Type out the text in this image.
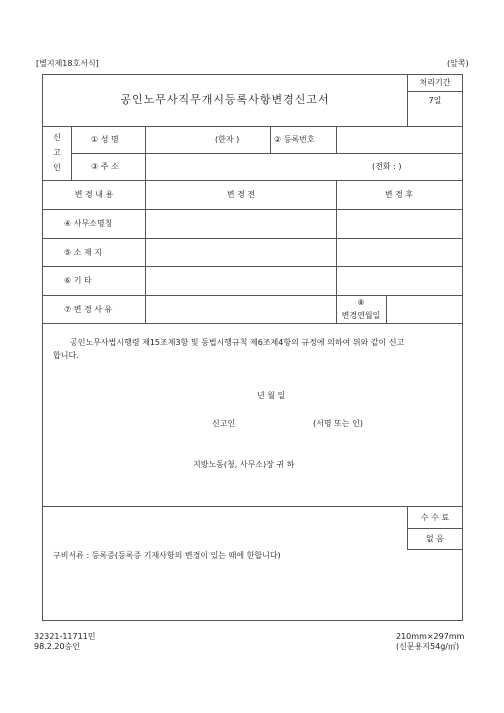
[별지제18호서식]	(앞쪽)
공인노무사직무개시등록사항변경신고서
처리기간
7일
신
고
인
① 성 명	(한자 )	② 등록번호
③ 주 소	(전화 : )
변 경 내 용	변 경 전	변 경 후
④ 사무소명칭
⑤ 소 재 지
⑥ 기 타
⑦ 변 경 사 유
⑧
변경연월일
공인노무사법시행령 제15조제3항 및 동법시행규칙 제6조제4항의 규정에 의하여 위와 같이 신고
합니다.
년 월 일
신고인	(서명 또는 인)
지방노동(청, 사무소)장 귀 하
수 수 료
없 음
구비서류 : 등록증(등록증 기재사항의 변경이 있는 때에 한합니다)
32321-11711민
98.2.20승인
210mm×297mm
(신문용지54g/㎡)
